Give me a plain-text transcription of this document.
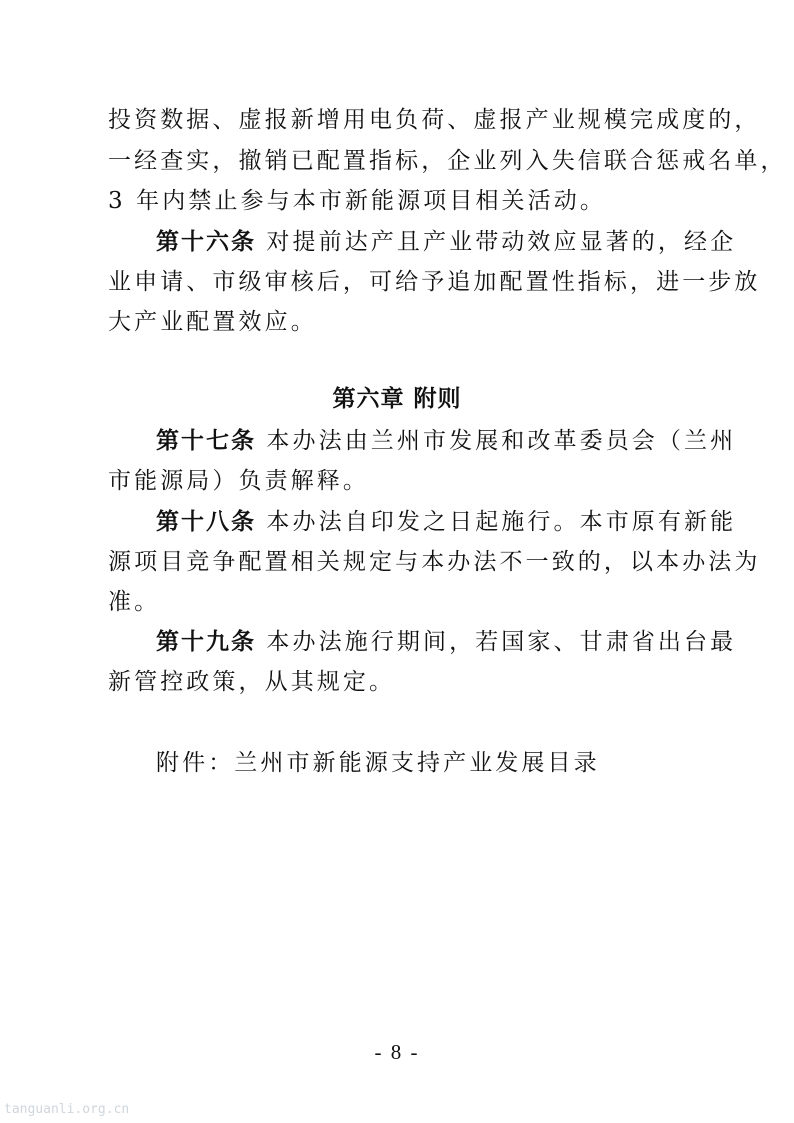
投资数据、虚报新增用电负荷、虚报产业规模完成度的，
一经查实，撤销已配置指标，企业列入失信联合惩戒名单，
3 年内禁止参与本市新能源项目相关活动。
第十六条 对提前达产且产业带动效应显著的，经企
业申请、市级审核后，可给予追加配置性指标，进一步放
大产业配置效应。
第六章 附则
第十七条 本办法由兰州市发展和改革委员会（兰州
市能源局）负责解释。
第十八条 本办法自印发之日起施行。本市原有新能
源项目竞争配置相关规定与本办法不一致的，以本办法为
准。
第十九条 本办法施行期间，若国家、甘肃省出台最
新管控政策，从其规定。
附件：兰州市新能源支持产业发展目录
- 8 -
tanguanli.org.cn
